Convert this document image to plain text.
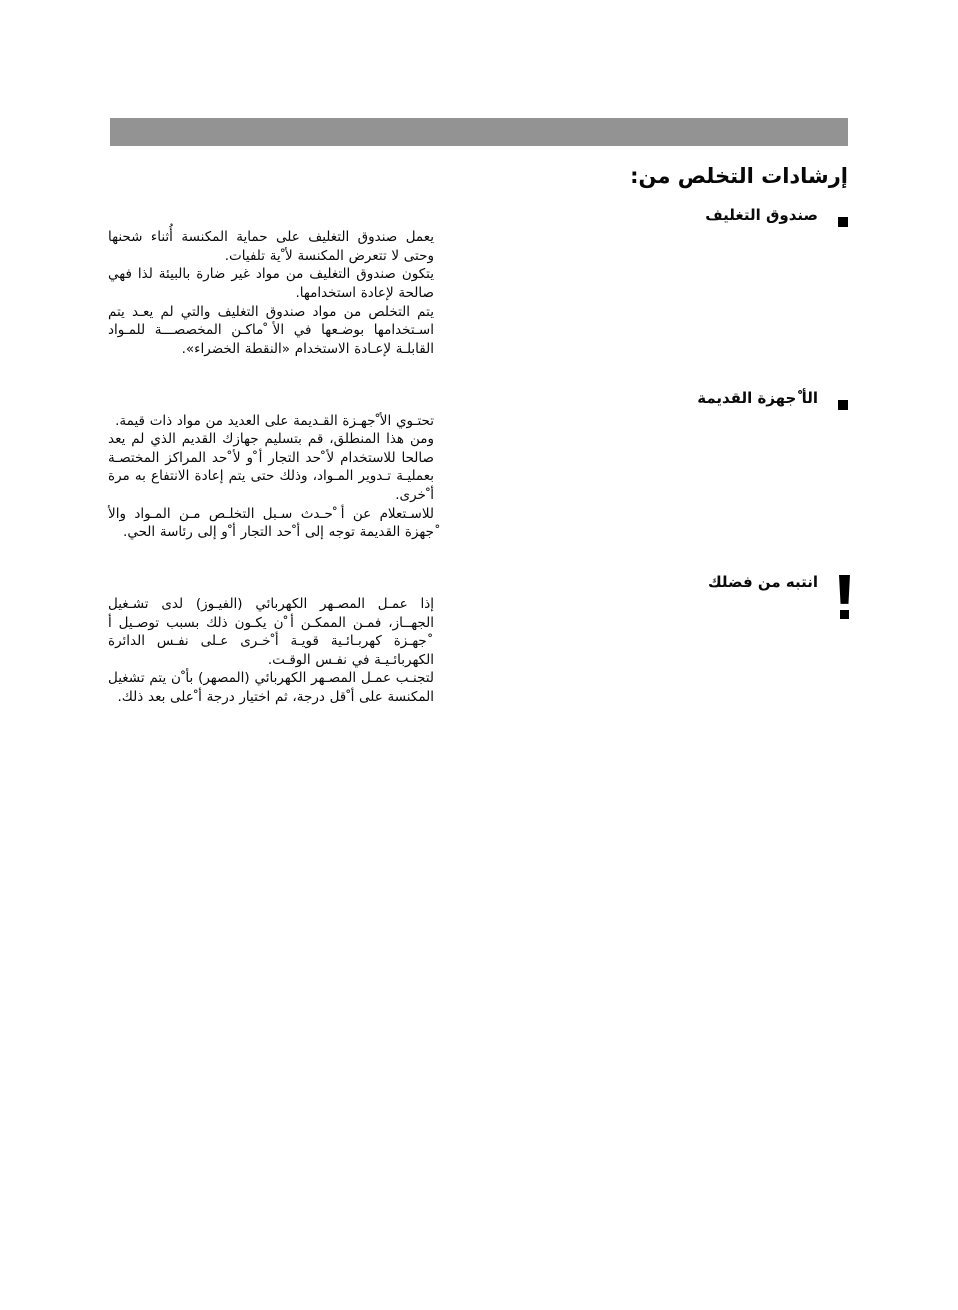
إرشادات التخلص من:
صندوق التغليف

يعمل صندوق التغليف على حماية المكنسة أُثناء شحنها وحتى لا تتعرض المكنسة لأ ْية تلفيات.

يتكون صندوق التغليف من مواد غير ضارة بالبيئة لذا فهي صالحة لإعادة استخدامها.

يتم التخلص من مواد صندوق التغليف والتي لم يعـد يتم اسـتخدامها بوضـعها في الأ ْماكـن المخصصـــة للمـواد القابلـة لإعـادة الاستخدام «النقطة الخضراء».

الأ ْجهزة القديمة

تحتـوي الأ ْجهـزة القـديمة على العديد من مواد ذات قيمة.

ومن هذا المنطلق، قم بتسليم جهازك القديم الذي لم يعد صالحا للاستخدام لأ ْحد التجار أ ْو لأ ْحد المراكز المختصـة بعمليـة تـدوير المـواد، وذلك حتى يتم إعادة الانتفاع به مرة أ ْخرى.

للاسـتعلام عن أ ْحـدث سـبل التخلـص مـن المـواد والأ ْجهزة القديمة توجه إلى أ ْحد التجار أ ْو إلى رئاسة الحي.

انتبه من فضلك

إذا عمـل المصـهر الكهربائي (الفيـوز) لدى تشـغيل الجهــاز، فمـن الممكـن أ ْن يكـون ذلك بسبب توصـيل أ ْجهـزة كهربـائـية قويـة أ ْخـرى عـلى نفـس الدائرة الكهربائـيـة في نفـس الوقـت.

لتجنـب عمـل المصـهر الكهربائي (المصهر) بأ ْن يتم تشغيل المكنسة على أ ْقل درجة، ثم اختيار درجة أ ْعلى بعد ذلك.
